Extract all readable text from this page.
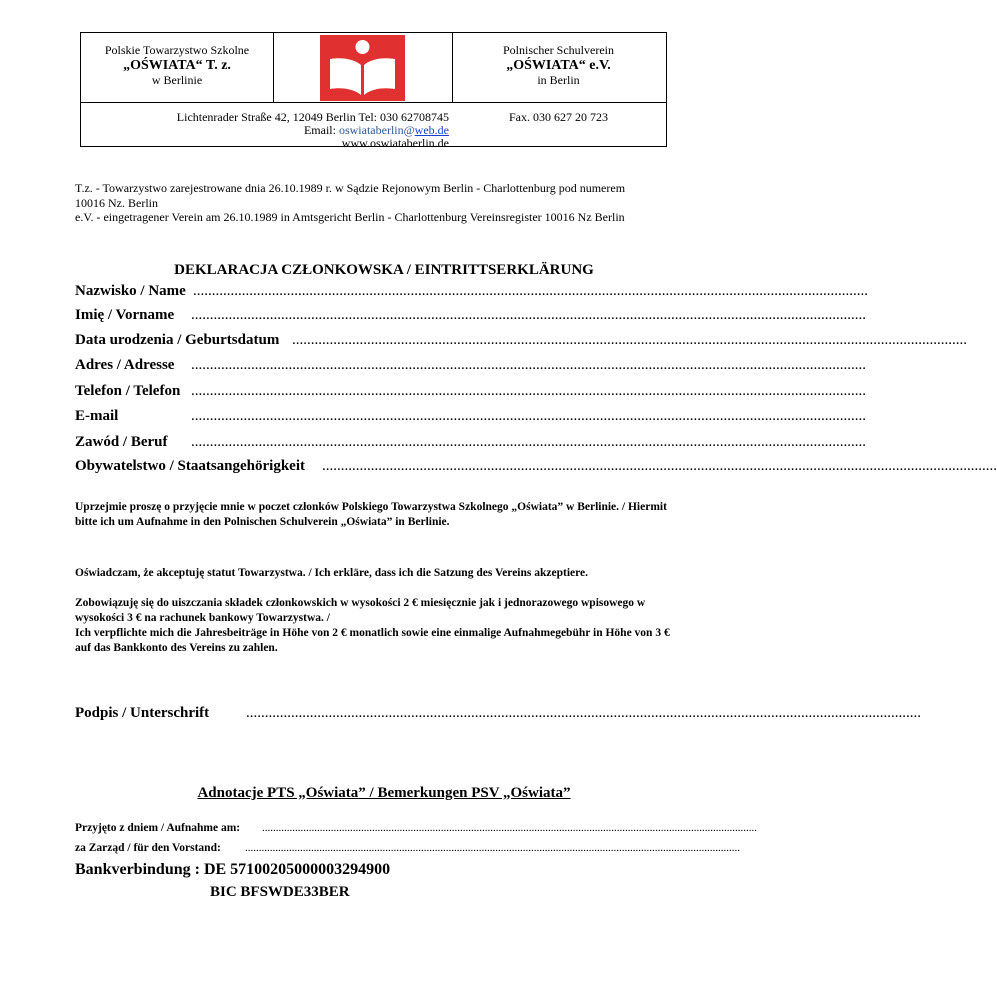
Polskie Towarzystwo Szkolne
„OŚWIATA“ T. z.
w Berlinie
Polnischer Schulverein
„OŚWIATA“ e.V.
in Berlin
Lichtenrader Straße 42, 12049 Berlin Tel: 030 62708745
Email: oswiataberlin@web.de
www.oswiataberlin.de
Fax. 030 627 20 723
T.z. - Towarzystwo zarejestrowane dnia 26.10.1989 r. w Sądzie Rejonowym Berlin - Charlottenburg pod numerem
10016 Nz. Berlin
e.V. - eingetragener Verein am 26.10.1989 in Amtsgericht Berlin - Charlottenburg Vereinsregister 10016 Nz Berlin
DEKLARACJA CZŁONKOWSKA / EINTRITTSERKLÄRUNG
Nazwisko / Name ....................................................................................................................................................................................
Imię / Vorname ....................................................................................................................................................................................
Data urodzenia / Geburtsdatum ....................................................................................................................................................................................
Adres / Adresse ....................................................................................................................................................................................
Telefon / Telefon ....................................................................................................................................................................................
E-mail	....................................................................................................................................................................................
Zawód / Beruf ....................................................................................................................................................................................
Obywatelstwo / Staatsangehörigkeit ....................................................................................................................................................................................
Uprzejmie proszę o przyjęcie mnie w poczet członków Polskiego Towarzystwa Szkolnego „Oświata” w Berlinie. / Hiermit bitte ich um Aufnahme in den Polnischen Schulverein „Oświata” in Berlinie.
Oświadczam, że akceptuję statut Towarzystwa. / Ich erkläre, dass ich die Satzung des Vereins akzeptiere.
Zobowiązuję się do uiszczania składek członkowskich w wysokości 2 € miesięcznie jak i jednorazowego wpisowego w wysokości 3 € na rachunek bankowy Towarzystwa. /
Ich verpflichte mich die Jahresbeiträge in Höhe von 2 € monatlich sowie eine einmalige Aufnahmegebühr in Höhe von 3 € auf das Bankkonto des Vereins zu zahlen.
Podpis / Unterschrift ....................................................................................................................................................................................
Adnotacje PTS „Oświata” / Bemerkungen PSV „Oświata”
Przyjęto z dniem / Aufnahme am: ....................................................................................................................................................................................
za Zarząd / für den Vorstand: ....................................................................................................................................................................................
Bankverbindung : DE 57100205000003294900
BIC BFSWDE33BER
